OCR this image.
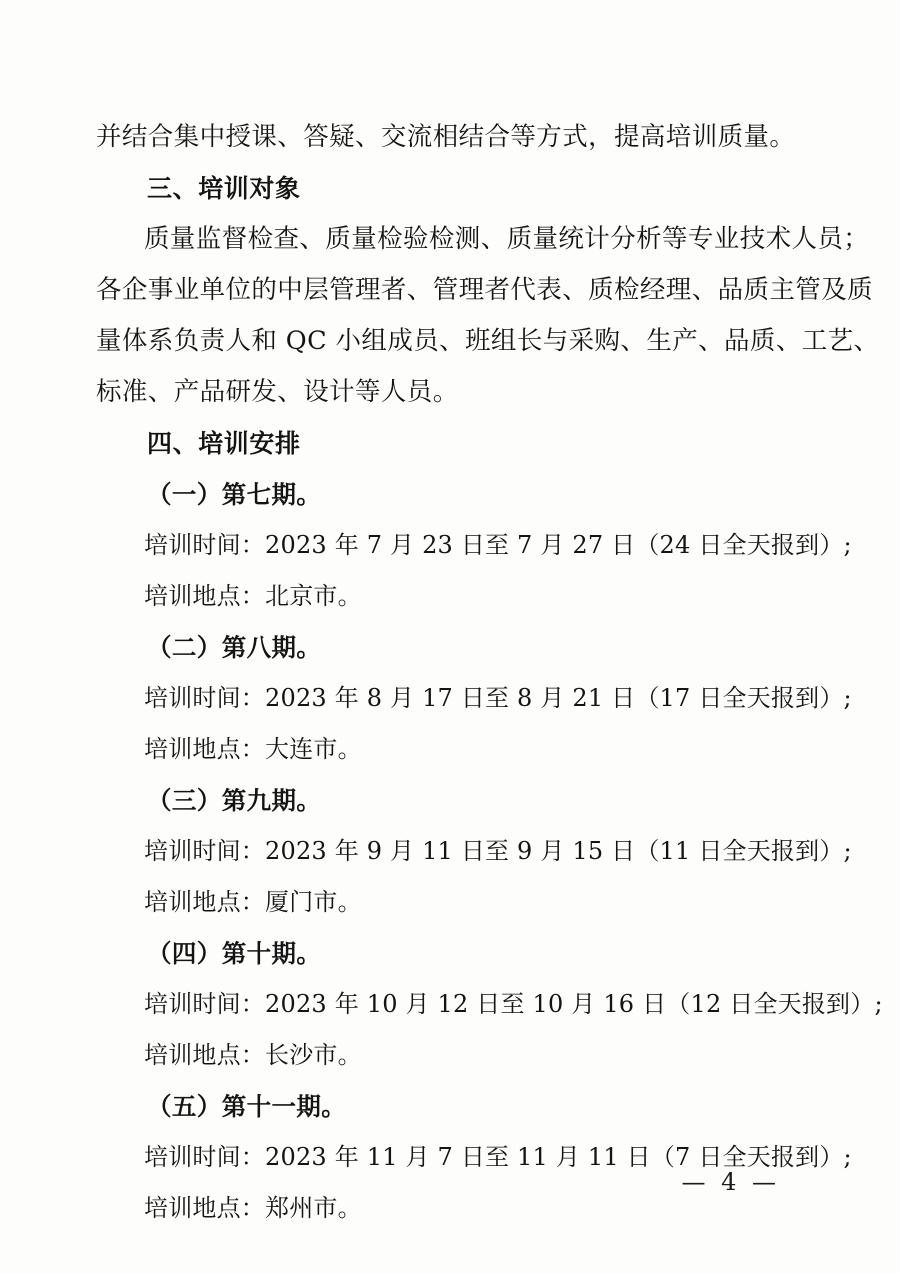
并结合集中授课、答疑、交流相结合等方式，提高培训质量。
三、培训对象
质量监督检查、质量检验检测、质量统计分析等专业技术人员；
各企事业单位的中层管理者、管理者代表、质检经理、品质主管及质
量体系负责人和 QC 小组成员、班组长与采购、生产、品质、工艺、
标准、产品研发、设计等人员。
四、培训安排
（一）第七期。
培训时间：2023 年 7 月 23 日至 7 月 27 日（24 日全天报到）;
培训地点：北京市。
（二）第八期。
培训时间：2023 年 8 月 17 日至 8 月 21 日（17 日全天报到）;
培训地点：大连市。
（三）第九期。
培训时间：2023 年 9 月 11 日至 9 月 15 日（11 日全天报到）;
培训地点：厦门市。
（四）第十期。
培训时间：2023 年 10 月 12 日至 10 月 16 日（12 日全天报到）;
培训地点：长沙市。
（五）第十一期。
培训时间：2023 年 11 月 7 日至 11 月 11 日（7 日全天报到）;
培训地点：郑州市。
— 4 —
